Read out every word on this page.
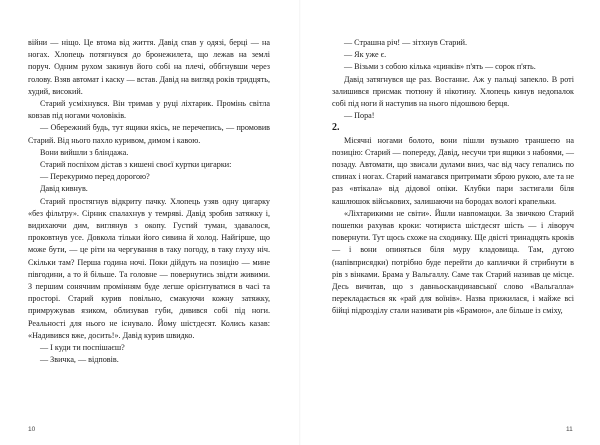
війни — ніщо. Це втома від життя. Давід спав у одязі, берці — на ногах. Хлопець потягнувся до бронежилета, що лежав на землі поруч. Одним рухом закинув його собі на плечі, оббгнувши через голову. Взяв автомат і каску — встав. Давід на вигляд років тридцять, худий, високий.

Старий усміхнувся. Він тримав у руці ліхтарик. Промінь світла ковзав під ногами чоловіків.

— Обережний будь, тут ящики якісь, не перечепись, — промовив Старий. Від нього пахло куривом, димом і кавою.

Вони вийшли з бліндажа.

Старий поспіхом дістав з кишені своєї куртки цигарки:

— Перекуримо перед дорогою?

Давід кивнув.

Старий простягнув відкриту пачку. Хлопець узяв одну цигарку «без фільтру». Сірник спалахнув у темряві. Давід зробив затяжку і, видихаючи дим, виглянув з окопу. Густий туман, здавалося, проковтнув усе. Довкола тільки його сивина й холод. Найгірше, що може бути, — це ріти на чергування в таку погоду, в таку глуху ніч. Скільки там? Перша година ночі. Поки дійдуть на позицію — мине півгодини, а то й більше. Та головне — повернутись звідти живими. З першим сонячним промінням буде легше орієнтуватися в часі та просторі. Старий курив повільно, смакуючи кожну затяжку, примружував язиком, облизував губи, дивився собі під ноги. Реальності для нього не існувало. Йому шістдесят. Колись казав: «Надивився вже, досить!». Давід курив швидко.

— І куди ти поспішаєш?

— Звичка, — відповів.

— Страшна річ! — зітхнув Старий.

— Як уже є.

— Візьми з собою кілька «цинків» п'ять — сорок п'ять.

Давід затягнувся ще раз. Востаннє. Аж у пальці запекло. В роті залишився присмак тютюну й нікотину. Хлопець кинув недопалок собі під ноги й наступив на нього підошвою берця.

— Пора!

2.

Місячні ногами болото, вони пішли вузькою траншеєю на позицію: Старий — попереду, Давід, несучи три ящики з набоями, — позаду. Автомати, що звисали дулами вниз, час від часу гепались по спинах і ногах. Старий намагався притримати зброю рукою, але та не раз «втікала» від дідової опіки. Клубки пари застигали біля кашлюшок військових, залишаючи на бородах вологі крапельки.

«Ліхтарикими не світи». Йшли навпомацки. За звичкою Старий пошепки рахував кроки: чотириста шістдесят шість — і ліворуч повернути. Тут щось схоже на сходинку. Ще двісті тринадцять кроків — і вони опиняться біля муру кладовища. Там, дугою (напівприсядки) потрібно буде перейти до каплички й стрибнути в рів з вінками. Брама у Вальгаллу. Саме так Старий називав це місце. Десь вичитав, що з давньоскандинавської слово «Вальгалла» перекладається як «рай для воїнів». Назва прижилася, і майже всі бійці підрозділу стали називати рів «Брамою», але більше із сміху,

10	11
